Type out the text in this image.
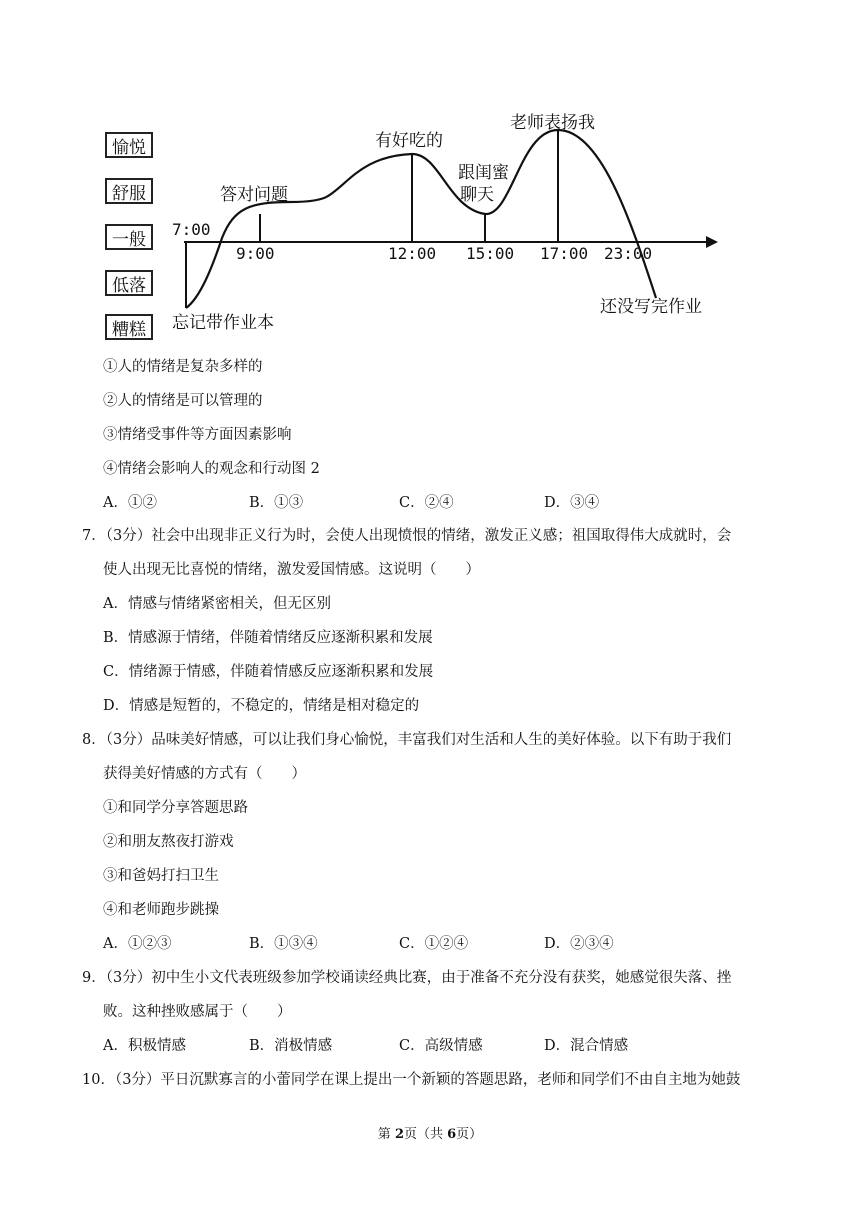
愉悦
舒服
一般
低落
糟糕
7:00
9:00	12:00 15:00 17:00 23:00
忘记带作业本
答对问题
有好吃的
跟闺蜜
聊天
老师表扬我
还没写完作业
①人的情绪是复杂多样的
②人的情绪是可以管理的
③情绪受事件等方面因素影响
④情绪会影响人的观念和行动图 2
A．①②	B．①③	C．②④	D．③④
7．（3分）社会中出现非正义行为时，会使人出现愤恨的情绪，激发正义感；祖国取得伟大成就时，会
使人出现无比喜悦的情绪，激发爱国情感。这说明（　　）
A．情感与情绪紧密相关，但无区别
B．情感源于情绪，伴随着情绪反应逐渐积累和发展
C．情绪源于情感，伴随着情感反应逐渐积累和发展
D．情感是短暂的，不稳定的，情绪是相对稳定的
8．（3分）品味美好情感，可以让我们身心愉悦，丰富我们对生活和人生的美好体验。以下有助于我们
获得美好情感的方式有（　　）
①和同学分享答题思路
②和朋友熬夜打游戏
③和爸妈打扫卫生
④和老师跑步跳操
A．①②③	B．①③④	C．①②④	D．②③④
9．（3分）初中生小文代表班级参加学校诵读经典比赛，由于准备不充分没有获奖，她感觉很失落、挫
败。这种挫败感属于（　　）
A．积极情感	B．消极情感	C．高级情感	D．混合情感
10．（3分）平日沉默寡言的小蕾同学在课上提出一个新颖的答题思路，老师和同学们不由自主地为她鼓
第 2页（共 6页）
